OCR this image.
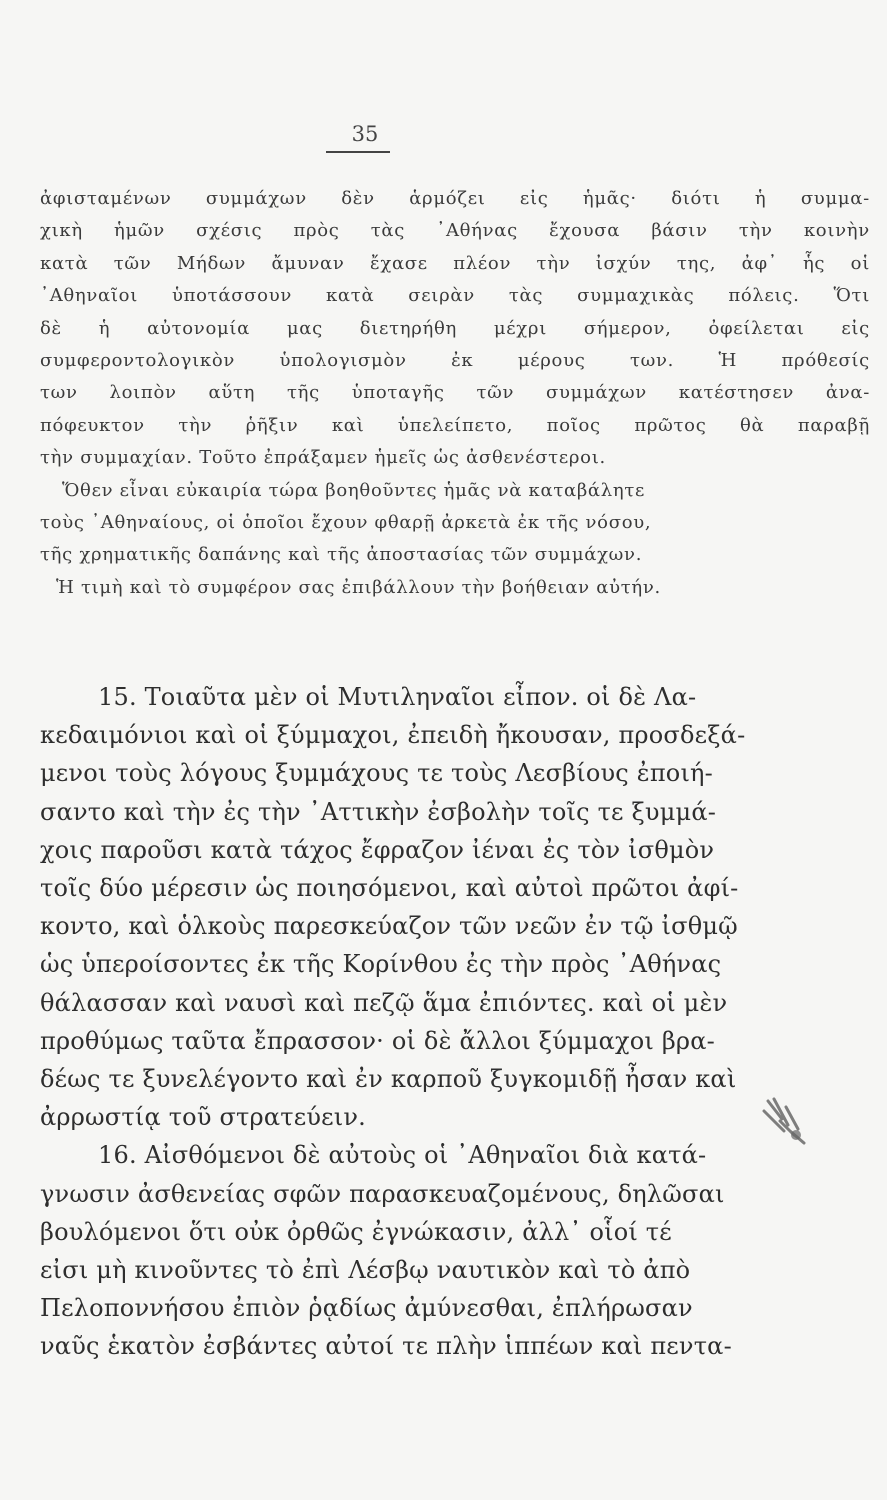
35
ἀφισταμένων συμμάχων δὲν ἁρμόζει εἰς ἡμᾶς· διότι ἡ συμμα-
χικὴ ἡμῶν σχέσις πρὸς τὰς ᾿Αθήνας ἔχουσα βάσιν τὴν κοινὴν
κατὰ τῶν Μήδων ἄμυναν ἔχασε πλέον τὴν ἰσχύν της, ἀφ᾿ ἧς οἱ
᾿Αθηναῖοι ὑποτάσσουν κατὰ σειρὰν τὰς συμμαχικὰς πόλεις. Ὅτι
δὲ ἡ αὐτονομία μας διετηρήθη μέχρι σήμερον, ὀφείλεται εἰς
συμφεροντολογικὸν ὑπολογισμὸν ἐκ μέρους των. Ἡ πρόθεσίς
των λοιπὸν αὕτη τῆς ὑποταγῆς τῶν συμμάχων κατέστησεν ἀνα-
πόφευκτον τὴν ῥῆξιν καὶ ὑπελείπετο, ποῖος πρῶτος θὰ παραβῇ
τὴν συμμαχίαν. Τοῦτο ἐπράξαμεν ἡμεῖς ὡς ἀσθενέστεροι.
Ὅθεν εἶναι εὐκαιρία τώρα βοηθοῦντες ἡμᾶς νὰ καταβάλητε
τοὺς ᾿Αθηναίους, οἱ ὁποῖοι ἔχουν φθαρῇ ἀρκετὰ ἐκ τῆς νόσου,
τῆς χρηματικῆς δαπάνης καὶ τῆς ἀποστασίας τῶν συμμάχων.
Ἡ τιμὴ καὶ τὸ συμφέρον σας ἐπιβάλλουν τὴν βοήθειαν αὐτήν.
15. Τοιαῦτα μὲν οἱ Μυτιληναῖοι εἶπον. οἱ δὲ Λα-
κεδαιμόνιοι καὶ οἱ ξύμμαχοι, ἐπειδὴ ἤκουσαν, προσδεξά-
μενοι τοὺς λόγους ξυμμάχους τε τοὺς Λεσβίους ἐποιή-
σαντο καὶ τὴν ἐς τὴν ᾿Αττικὴν ἐσβολὴν τοῖς τε ξυμμά-
χοις παροῦσι κατὰ τάχος ἔφραζον ἰέναι ἐς τὸν ἰσθμὸν
τοῖς δύο μέρεσιν ὡς ποιησόμενοι, καὶ αὐτοὶ πρῶτοι ἀφί-
κοντο, καὶ ὁλκοὺς παρεσκεύαζον τῶν νεῶν ἐν τῷ ἰσθμῷ
ὡς ὑπεροίσοντες ἐκ τῆς Κορίνθου ἐς τὴν πρὸς ᾿Αθήνας
θάλασσαν καὶ ναυσὶ καὶ πεζῷ ἅμα ἐπιόντες. καὶ οἱ μὲν
προθύμως ταῦτα ἔπρασσον· οἱ δὲ ἄλλοι ξύμμαχοι βρα-
δέως τε ξυνελέγοντο καὶ ἐν καρποῦ ξυγκομιδῇ ἦσαν καὶ
ἀρρωστίᾳ τοῦ στρατεύειν.
16. Αἰσθόμενοι δὲ αὐτοὺς οἱ ᾿Αθηναῖοι διὰ κατά-
γνωσιν ἀσθενείας σφῶν παρασκευαζομένους, δηλῶσαι
βουλόμενοι ὅτι οὐκ ὀρθῶς ἐγνώκασιν, ἀλλ᾿ οἷοί τέ
εἰσι μὴ κινοῦντες τὸ ἐπὶ Λέσβῳ ναυτικὸν καὶ τὸ ἀπὸ
Πελοποννήσου ἐπιὸν ῥᾳδίως ἀμύνεσθαι, ἐπλήρωσαν
ναῦς ἑκατὸν ἐσβάντες αὐτοί τε πλὴν ἱππέων καὶ πεντα-
